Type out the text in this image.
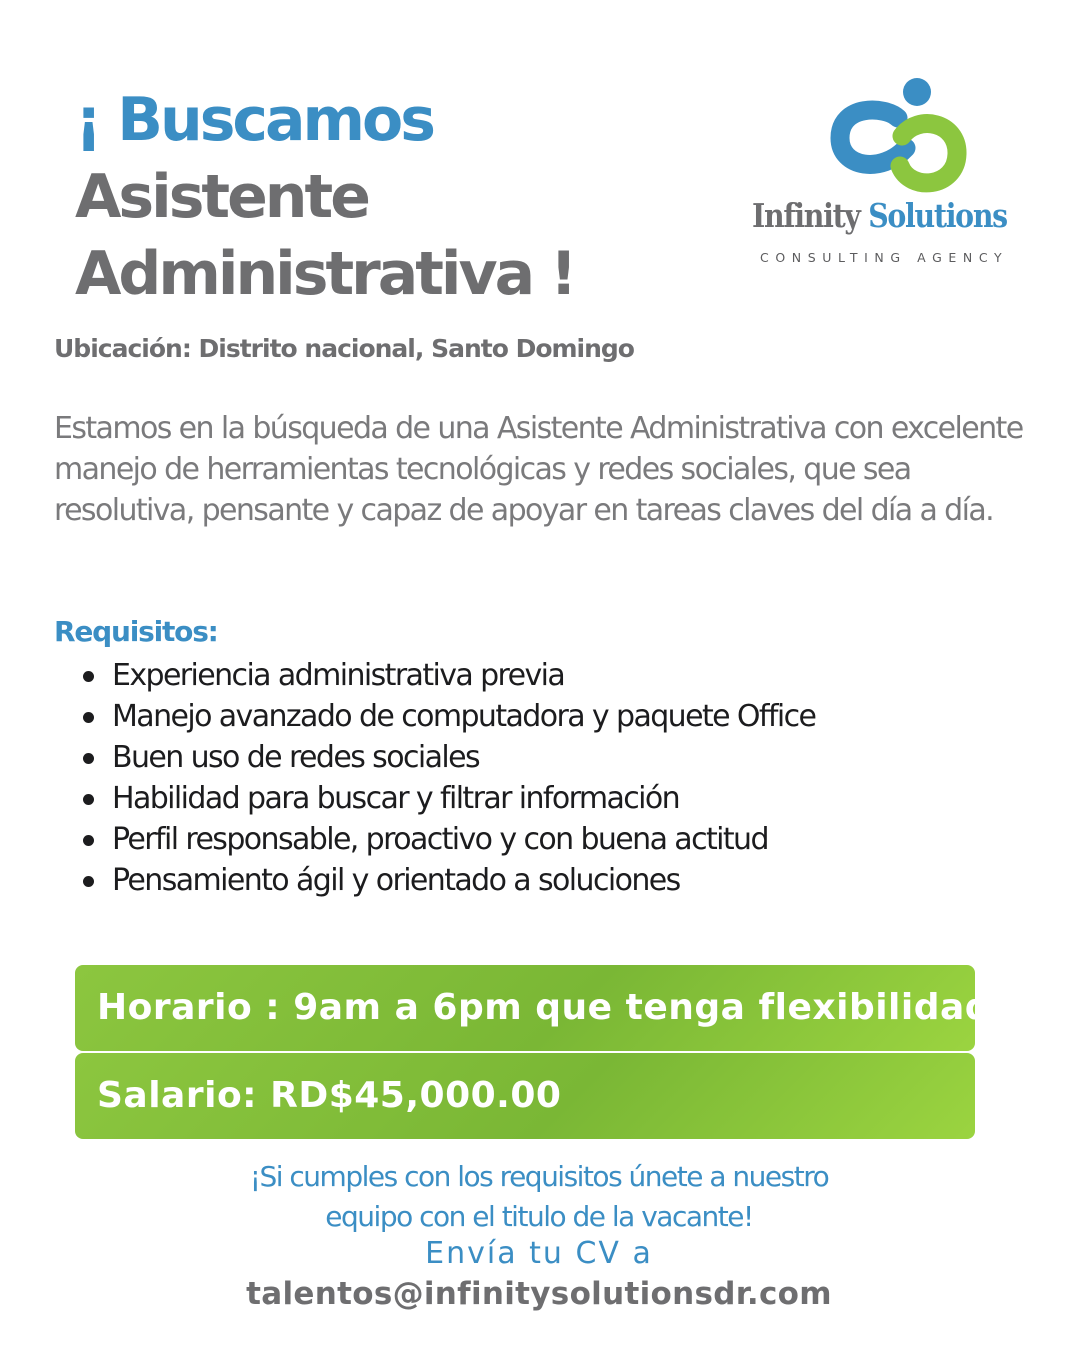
¡ Buscamos
Asistente
Administrativa !
Infinity Solutions
CONSULTING AGENCY
Ubicación: Distrito nacional, Santo Domingo
Estamos en la búsqueda de una Asistente Administrativa con excelente manejo de herramientas tecnológicas y redes sociales, que sea resolutiva, pensante y capaz de apoyar en tareas claves del día a día.
Requisitos:
Experiencia administrativa previa
Manejo avanzado de computadora y paquete Office
Buen uso de redes sociales
Habilidad para buscar y filtrar información
Perfil responsable, proactivo y con buena actitud
Pensamiento ágil y orientado a soluciones
Horario : 9am a 6pm que tenga flexibilidad.
Salario: RD$45,000.00
¡Si cumples con los requisitos únete a nuestro
equipo con el titulo de la vacante!
Envía tu CV a
talentos@infinitysolutionsdr.com
